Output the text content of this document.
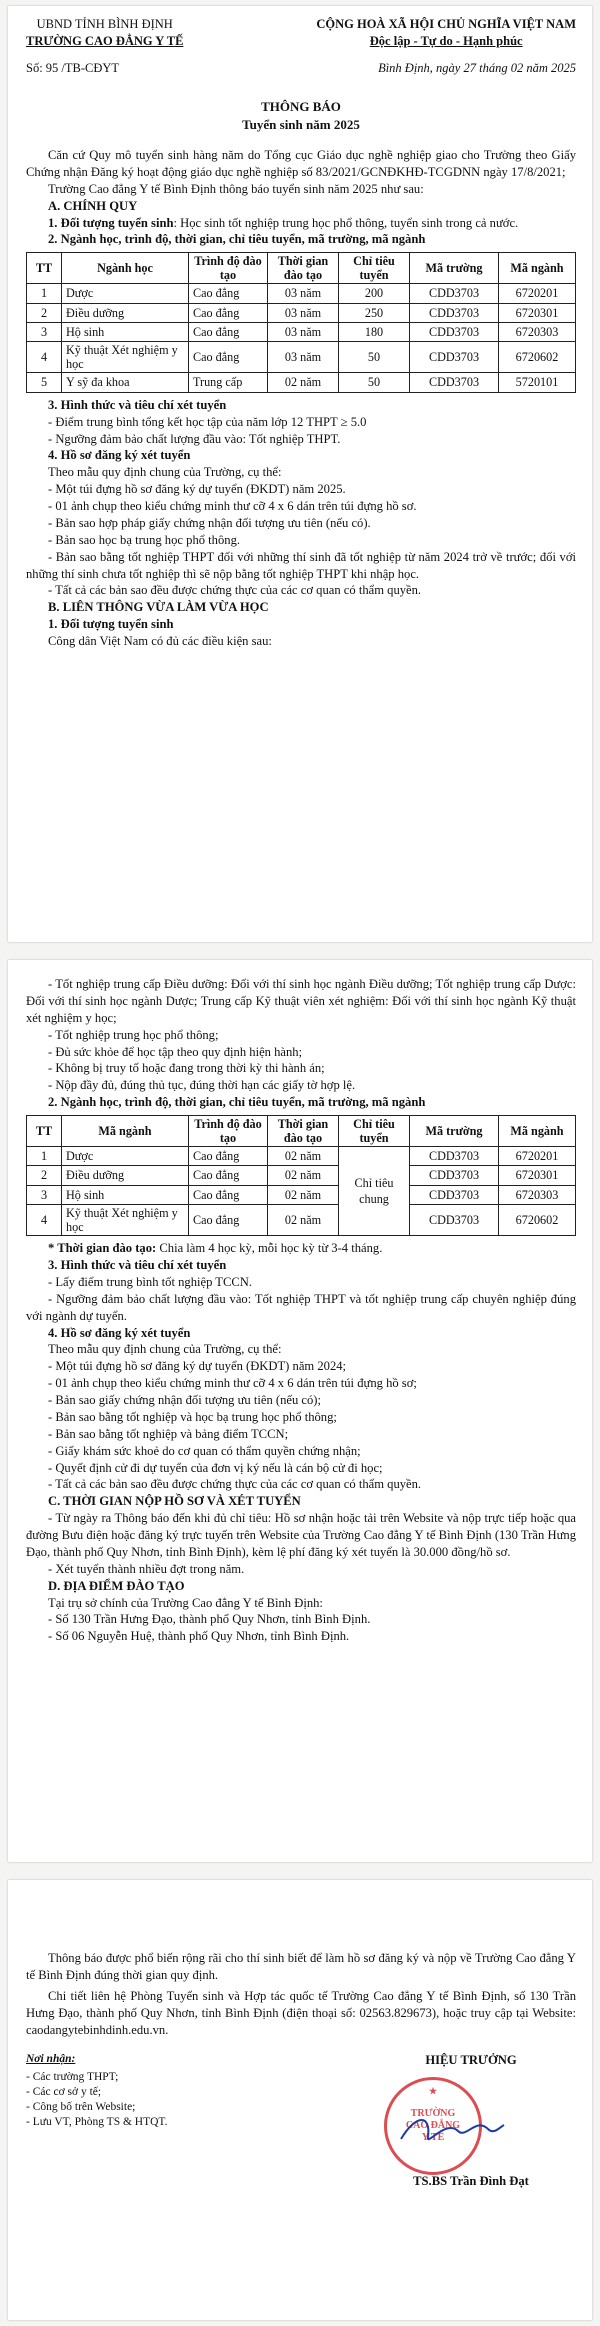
UBND TỈNH BÌNH ĐỊNH
TRƯỜNG CAO ĐẲNG Y TẾ
CỘNG HOÀ XÃ HỘI CHỦ NGHĨA VIỆT NAM
Độc lập - Tự do - Hạnh phúc
Số: 95 /TB-CĐYT	Bình Định, ngày 27 tháng 02 năm 2025
THÔNG BÁO
Tuyển sinh năm 2025

Căn cứ Quy mô tuyển sinh hàng năm do Tổng cục Giáo dục nghề nghiệp giao cho Trường theo Giấy Chứng nhận Đăng ký hoạt động giáo dục nghề nghiệp số 83/2021/GCNĐKHĐ-TCGDNN ngày 17/8/2021;

Trường Cao đẳng Y tế Bình Định thông báo tuyển sinh năm 2025 như sau:

A. CHÍNH QUY

1. Đối tượng tuyển sinh: Học sinh tốt nghiệp trung học phổ thông, tuyển sinh trong cả nước.

2. Ngành học, trình độ, thời gian, chỉ tiêu tuyển, mã trường, mã ngành

TT	Ngành học	Trình độ đào tạo	Thời gian đào tạo	Chỉ tiêu tuyển	Mã trường	Mã ngành
1	Dược	Cao đẳng	03 năm	200	CDD3703	6720201
2	Điều dưỡng	Cao đẳng	03 năm	250	CDD3703	6720301
3	Hộ sinh	Cao đẳng	03 năm	180	CDD3703	6720303
4	Kỹ thuật Xét nghiệm y học	Cao đẳng	03 năm	50	CDD3703	6720602
5	Y sỹ đa khoa	Trung cấp	02 năm	50	CDD3703	5720101

3. Hình thức và tiêu chí xét tuyển

- Điểm trung bình tổng kết học tập của năm lớp 12 THPT ≥ 5.0

- Ngưỡng đảm bảo chất lượng đầu vào: Tốt nghiệp THPT.

4. Hồ sơ đăng ký xét tuyển

Theo mẫu quy định chung của Trường, cụ thể:

- Một túi đựng hồ sơ đăng ký dự tuyển (ĐKDT) năm 2025.

- 01 ảnh chụp theo kiểu chứng minh thư cỡ 4 x 6 dán trên túi đựng hồ sơ.

- Bản sao hợp pháp giấy chứng nhận đối tượng ưu tiên (nếu có).

- Bản sao học bạ trung học phổ thông.

- Bản sao bằng tốt nghiệp THPT đối với những thí sinh đã tốt nghiệp từ năm 2024 trở về trước; đối với những thí sinh chưa tốt nghiệp thì sẽ nộp bằng tốt nghiệp THPT khi nhập học.

- Tất cả các bản sao đều được chứng thực của các cơ quan có thẩm quyền.

B. LIÊN THÔNG VỪA LÀM VỪA HỌC

1. Đối tượng tuyển sinh

Công dân Việt Nam có đủ các điều kiện sau:

- Tốt nghiệp trung cấp Điều dưỡng: Đối với thí sinh học ngành Điều dưỡng; Tốt nghiệp trung cấp Dược: Đối với thí sinh học ngành Dược; Trung cấp Kỹ thuật viên xét nghiệm: Đối với thí sinh học ngành Kỹ thuật xét nghiệm y học;

- Tốt nghiệp trung học phổ thông;

- Đủ sức khỏe để học tập theo quy định hiện hành;

- Không bị truy tố hoặc đang trong thời kỳ thi hành án;

- Nộp đầy đủ, đúng thủ tục, đúng thời hạn các giấy tờ hợp lệ.

2. Ngành học, trình độ, thời gian, chỉ tiêu tuyển, mã trường, mã ngành

TT	Mã ngành	Trình độ đào tạo	Thời gian đào tạo	Chỉ tiêu tuyển	Mã trường	Mã ngành
1	Dược	Cao đẳng	02 năm	Chỉ tiêu chung	CDD3703	6720201
2	Điều dưỡng	Cao đẳng	02 năm		CDD3703	6720301
3	Hộ sinh	Cao đẳng	02 năm		CDD3703	6720303
4	Kỹ thuật Xét nghiệm y học	Cao đẳng	02 năm		CDD3703	6720602

* Thời gian đào tạo: Chia làm 4 học kỳ, mỗi học kỳ từ 3-4 tháng.

3. Hình thức và tiêu chí xét tuyển

- Lấy điểm trung bình tốt nghiệp TCCN.

- Ngưỡng đảm bảo chất lượng đầu vào: Tốt nghiệp THPT và tốt nghiệp trung cấp chuyên nghiệp đúng với ngành dự tuyển.

4. Hồ sơ đăng ký xét tuyển

Theo mẫu quy định chung của Trường, cụ thể:

- Một túi đựng hồ sơ đăng ký dự tuyển (ĐKDT) năm 2024;

- 01 ảnh chụp theo kiểu chứng minh thư cỡ 4 x 6 dán trên túi đựng hồ sơ;

- Bản sao giấy chứng nhận đối tượng ưu tiên (nếu có);

- Bản sao bằng tốt nghiệp và học bạ trung học phổ thông;

- Bản sao bằng tốt nghiệp và bảng điểm TCCN;

- Giấy khám sức khoẻ do cơ quan có thẩm quyền chứng nhận;

- Quyết định cử đi dự tuyển của đơn vị ký nếu là cán bộ cử đi học;

- Tất cả các bản sao đều được chứng thực của các cơ quan có thẩm quyền.

C. THỜI GIAN NỘP HỒ SƠ VÀ XÉT TUYỂN

- Từ ngày ra Thông báo đến khi đủ chỉ tiêu: Hồ sơ nhận hoặc tải trên Website và nộp trực tiếp hoặc qua đường Bưu điện hoặc đăng ký trực tuyến trên Website của Trường Cao đẳng Y tế Bình Định (130 Trần Hưng Đạo, thành phố Quy Nhơn, tỉnh Bình Định), kèm lệ phí đăng ký xét tuyển là 30.000 đồng/hồ sơ.

- Xét tuyển thành nhiều đợt trong năm.

D. ĐỊA ĐIỂM ĐÀO TẠO

Tại trụ sở chính của Trường Cao đẳng Y tế Bình Định:

- Số 130 Trần Hưng Đạo, thành phố Quy Nhơn, tỉnh Bình Định.

- Số 06 Nguyễn Huệ, thành phố Quy Nhơn, tỉnh Bình Định.

Thông báo được phổ biến rộng rãi cho thí sinh biết để làm hồ sơ đăng ký và nộp về Trường Cao đẳng Y tế Bình Định đúng thời gian quy định.

Chi tiết liên hệ Phòng Tuyển sinh và Hợp tác quốc tế Trường Cao đẳng Y tế Bình Định, số 130 Trần Hưng Đạo, thành phố Quy Nhơn, tỉnh Bình Định (điện thoại số: 02563.829673), hoặc truy cập tại Website: caodangytebinhdinh.edu.vn.

Nơi nhận:
- Các trường THPT;
- Các cơ sở y tế;
- Công bố trên Website;
- Lưu VT, Phòng TS & HTQT.
HIỆU TRƯỞNG
★
TRƯỜNG
CAO ĐẲNG
Y TẾ
TS.BS Trần Đình Đạt
